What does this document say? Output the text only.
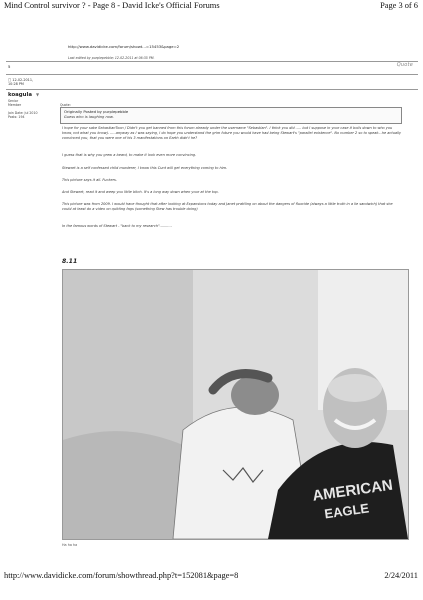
Mind Control survivor ? - Page 8 - David Icke's Official Forums	Page 3 of 6
http://www.davidicke.com/forum/showt...=15453&page=2
Last edited by purplepebble; 12-02-2011 at 06:35 PM.
5	Quote
□ 12-02-2011,
10:28 PM
koagula ▼
Senior
Member
Join Date: Jul 2010
Posts: 194
Quote:
Originally Posted by purplepebble
Guess who is laughing now.
I hope for your sake SebastianToon / Didn't you get banned from this forum already under the username "Sebastian". I think you did ..... but I suppose in your case it boils down to who you know, not what you know). .....anyway as I was saying, I do hope you understand the grim future you would have had being Stewart's "parallel existence". No number 2 so to speak...he actually convinced you, that you were one of his 3 manifestations on Earth didn't he?
I guess that is why you grew a beard, to make it look even more convincing.
Stewart is a self confessed child murderer, I know this Cunt will get everything coming to him.
This picture says it all. Fuckers.
And Stewart, read it and weep you little bitch. It's a long way down when your at the top.
This picture was from 2009. I would have thought that after looking at Expansions today and Janet prattling on about the dangers of fluoride (always a little truth in a lie sandwich) that she could at least do a video on quitting fags (something Stew has trouble doing)
In the famous words of Stewart - "back to my research"...........
8.11
AMERICAN
EAGLE
Ha ha ha
http://www.davidicke.com/forum/showthread.php?t=152081&page=8	2/24/2011
